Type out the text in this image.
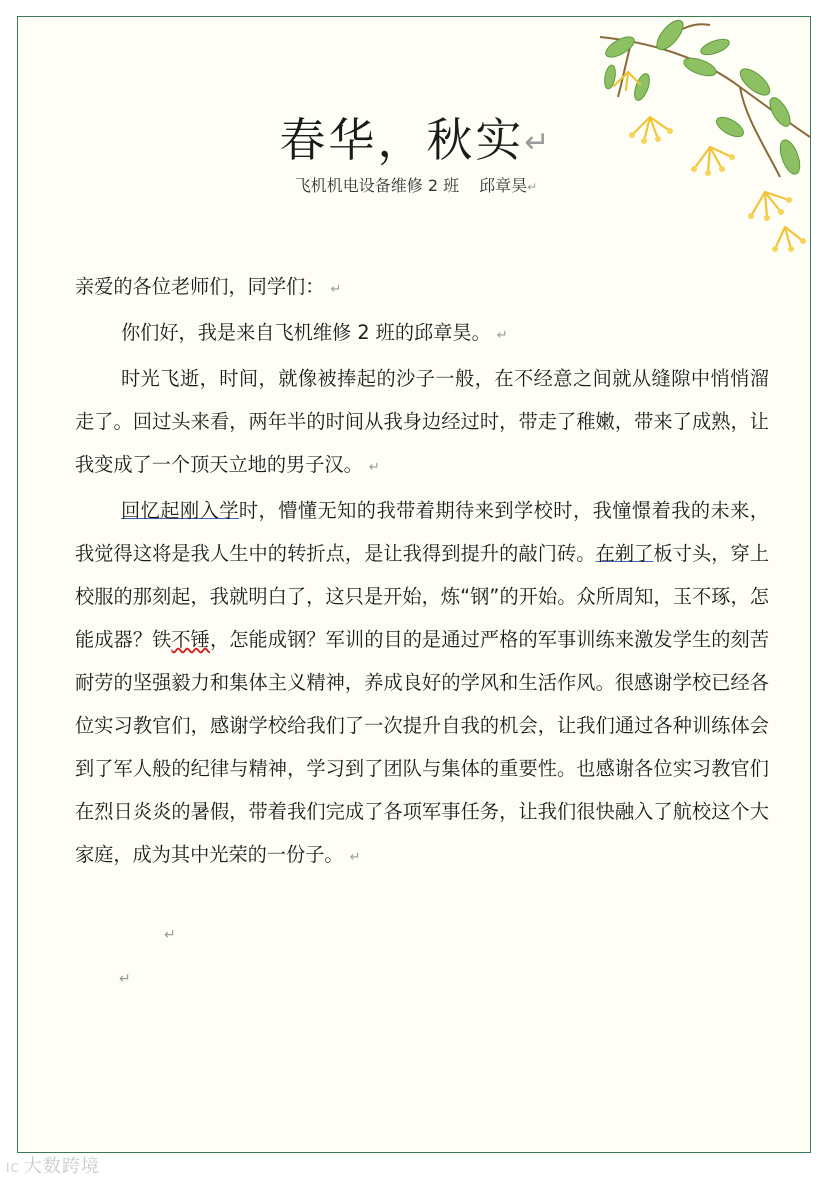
春华，秋实↵
飞机机电设备维修 2 班 邱章昊↵

亲爱的各位老师们，同学们： ↵

你们好，我是来自飞机维修 2 班的邱章昊。 ↵

时光飞逝，时间，就像被捧起的沙子一般，在不经意之间就从缝隙中悄悄溜走了。回过头来看，两年半的时间从我身边经过时，带走了稚嫩，带来了成熟，让我变成了一个顶天立地的男子汉。 ↵

回忆起刚入学时，懵懂无知的我带着期待来到学校时，我憧憬着我的未来，我觉得这将是我人生中的转折点，是让我得到提升的敲门砖。在剃了板寸头，穿上校服的那刻起，我就明白了，这只是开始，炼“钢”的开始。众所周知，玉不琢，怎能成器？铁不锤，怎能成钢？军训的目的是通过严格的军事训练来激发学生的刻苦耐劳的坚强毅力和集体主义精神，养成良好的学风和生活作风。很感谢学校已经各位实习教官们，感谢学校给我们了一次提升自我的机会，让我们通过各种训练体会到了军人般的纪律与精神，学习到了团队与集体的重要性。也感谢各位实习教官们在烈日炎炎的暑假，带着我们完成了各项军事任务，让我们很快融入了航校这个大家庭，成为其中光荣的一份子。 ↵

↵
↵
IC 大数跨境
